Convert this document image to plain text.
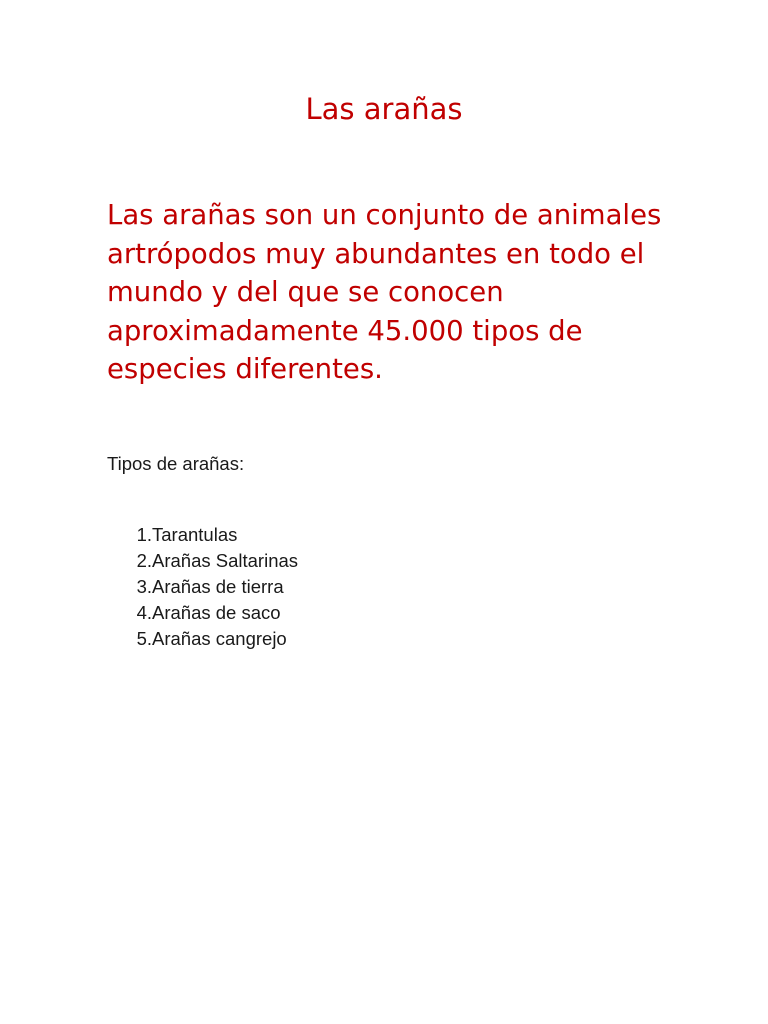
Las arañas

Las arañas son un conjunto de animales artrópodos muy abundantes en todo el mundo y del que se conocen aproximadamente 45.000 tipos de especies diferentes.

Tipos de arañas:

1. Tarantulas
2. Arañas Saltarinas
3. Arañas de tierra
4. Arañas de saco
5. Arañas cangrejo
